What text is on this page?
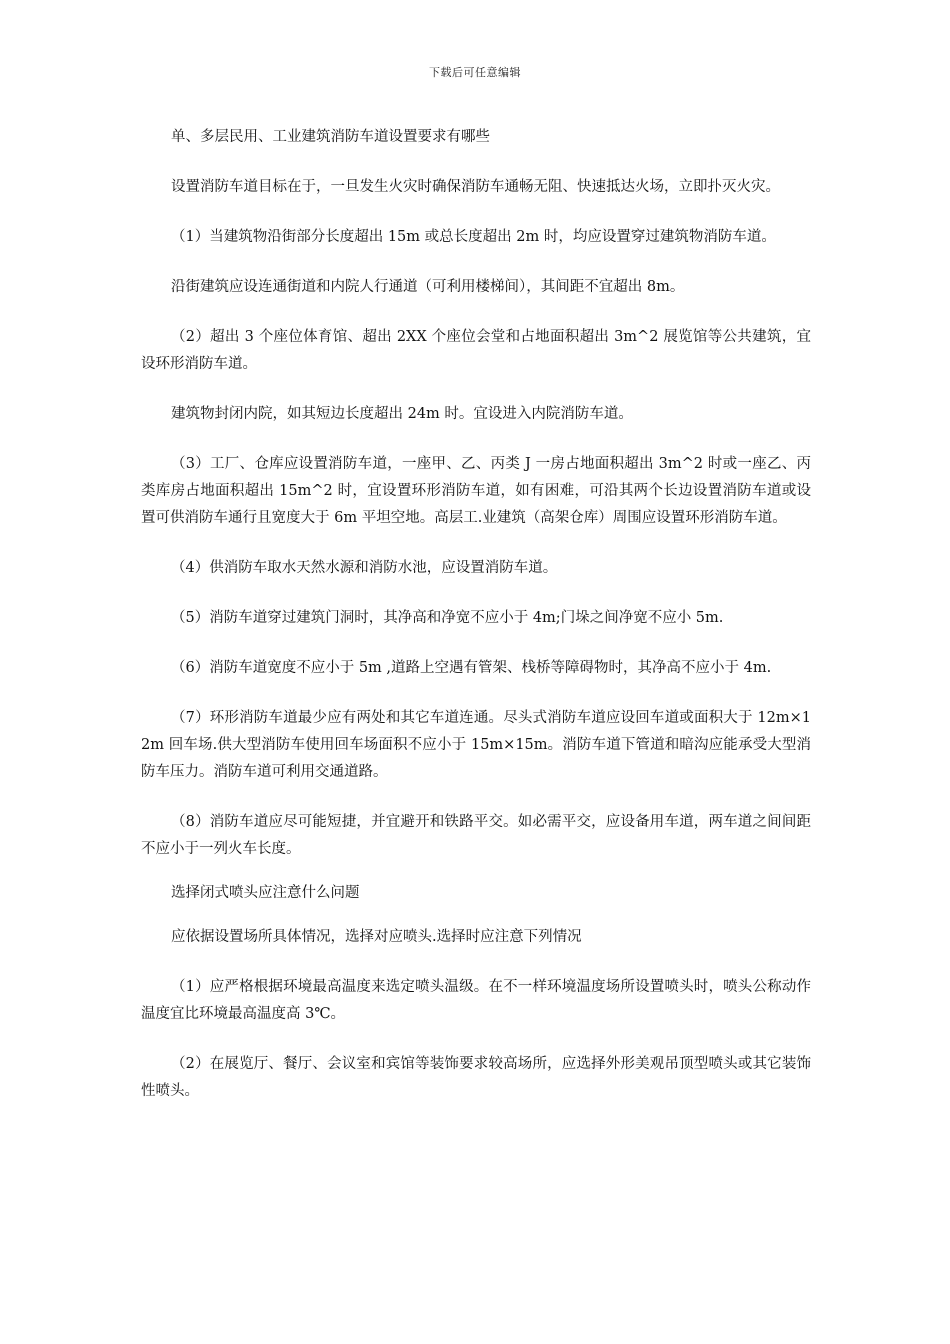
下载后可任意编辑

单、多层民用、工业建筑消防车道设置要求有哪些

设置消防车道目标在于，一旦发生火灾时确保消防车通畅无阻、快速抵达火场，立即扑灭火灾。

（1）当建筑物沿街部分长度超出 15m 或总长度超出 2m 时，均应设置穿过建筑物消防车道。

沿街建筑应设连通街道和内院人行通道（可利用楼梯间），其间距不宜超出 8m。

（2）超出 3 个座位体育馆、超出 2XX 个座位会堂和占地面积超出 3m^2 展览馆等公共建筑，宜设环形消防车道。

建筑物封闭内院，如其短边长度超出 24m 时。宜设进入内院消防车道。

（3）工厂、仓库应设置消防车道，一座甲、乙、丙类 J 一房占地面积超出 3m^2 时或一座乙、丙类库房占地面积超出 15m^2 时，宜设置环形消防车道，如有困难，可沿其两个长边设置消防车道或设置可供消防车通行且宽度大于 6m 平坦空地。高层工.业建筑（高架仓库）周围应设置环形消防车道。

（4）供消防车取水天然水源和消防水池，应设置消防车道。

（5）消防车道穿过建筑门洞时，其净高和净宽不应小于 4m;门垛之间净宽不应小 5m.

（6）消防车道宽度不应小于 5m ,道路上空遇有管架、栈桥等障碍物时，其净高不应小于 4m.

（7）环形消防车道最少应有两处和其它车道连通。尽头式消防车道应设回车道或面积大于 12m×12m 回车场.供大型消防车使用回车场面积不应小于 15m×15m。消防车道下管道和暗沟应能承受大型消防车压力。消防车道可利用交通道路。

（8）消防车道应尽可能短捷，并宜避开和铁路平交。如必需平交，应设备用车道，两车道之间间距不应小于一列火车长度。

选择闭式喷头应注意什么问题

应依据设置场所具体情况，选择对应喷头.选择时应注意下列情况

（1）应严格根据环境最高温度来选定喷头温级。在不一样环境温度场所设置喷头时，喷头公称动作温度宜比环境最高温度高 3℃。

（2）在展览厅、餐厅、会议室和宾馆等装饰要求较高场所，应选择外形美观吊顶型喷头或其它装饰性喷头。
